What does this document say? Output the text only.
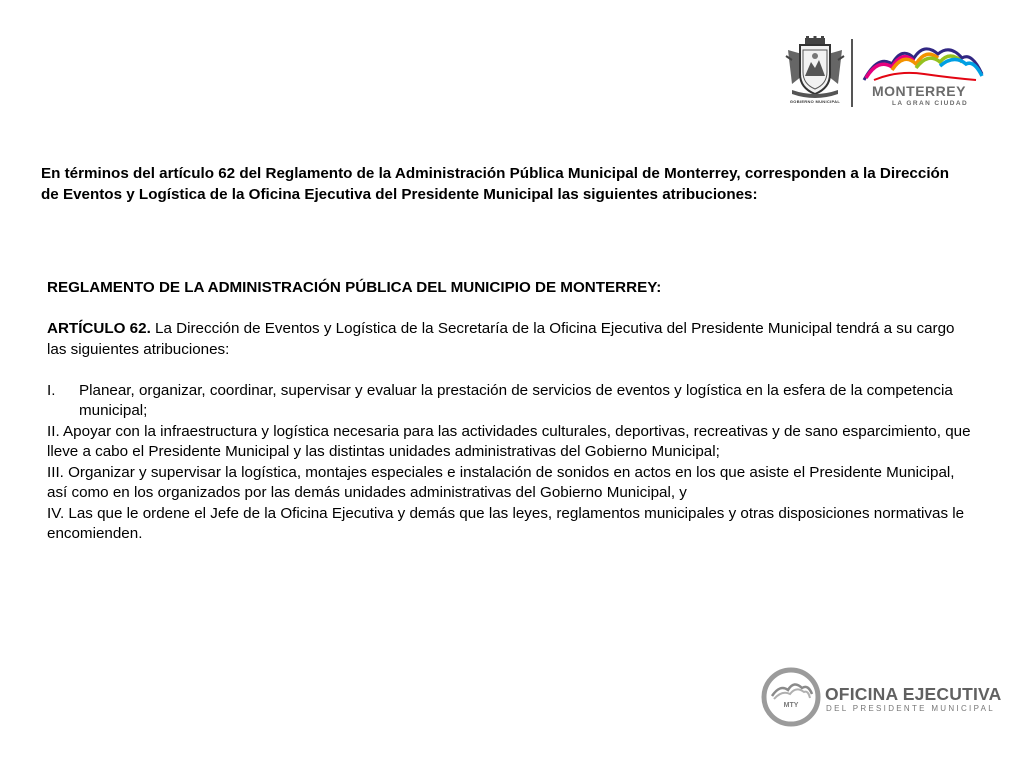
GOBIERNO MUNICIPAL
MONTERREY
LA GRAN CIUDAD

En términos del artículo 62 del Reglamento de la Administración Pública Municipal de Monterrey, corresponden a la Dirección de Eventos y Logística de la Oficina Ejecutiva del Presidente Municipal las siguientes atribuciones:

REGLAMENTO DE LA ADMINISTRACIÓN PÚBLICA DEL MUNICIPIO DE MONTERREY:

ARTÍCULO 62. La Dirección de Eventos y Logística de la Secretaría de la Oficina Ejecutiva del Presidente Municipal tendrá a su cargo las siguientes atribuciones:

I.	Planear, organizar, coordinar, supervisar y evaluar la prestación de servicios de eventos y logística en la esfera de la competencia municipal;

II. Apoyar con la infraestructura y logística necesaria para las actividades culturales, deportivas, recreativas y de sano esparcimiento, que lleve a cabo el Presidente Municipal y las distintas unidades administrativas del Gobierno Municipal;

III. Organizar y supervisar la logística, montajes especiales e instalación de sonidos en actos en los que asiste el Presidente Municipal, así como en los organizados por las demás unidades administrativas del Gobierno Municipal, y

IV. Las que le ordene el Jefe de la Oficina Ejecutiva y demás que las leyes, reglamentos municipales y otras disposiciones normativas le encomienden.

MTY
OFICINA EJECUTIVA
DEL PRESIDENTE MUNICIPAL
